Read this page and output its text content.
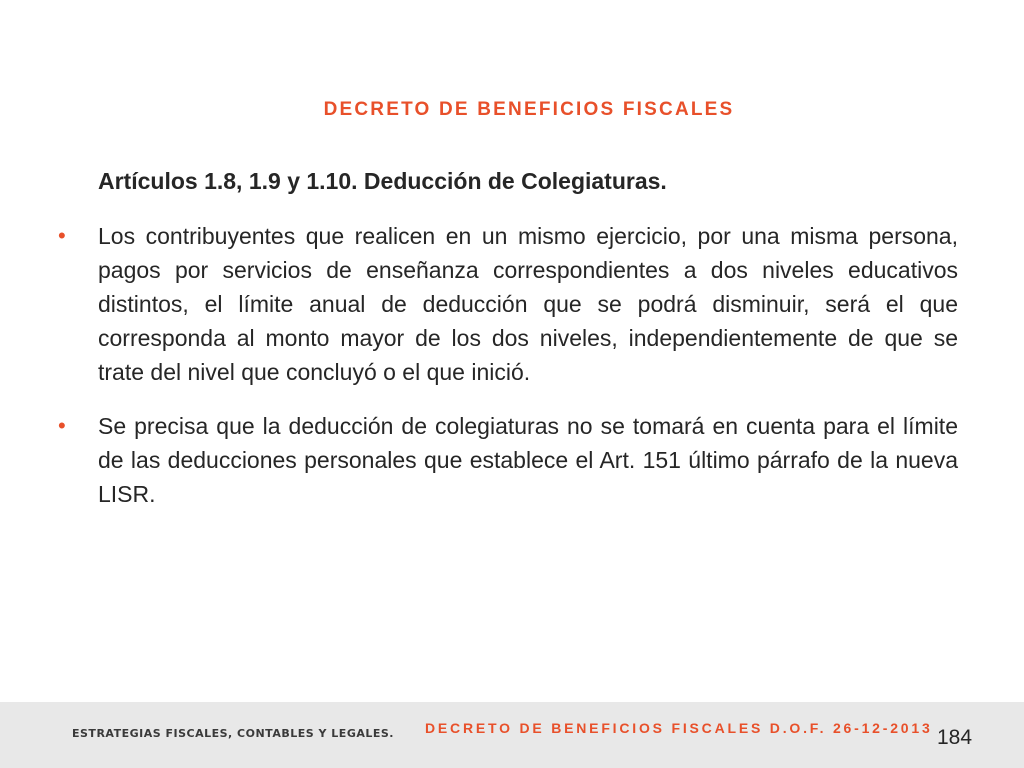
DECRETO DE BENEFICIOS FISCALES
Artículos 1.8, 1.9 y 1.10. Deducción de Colegiaturas.
• Los contribuyentes que realicen en un mismo ejercicio, por una misma persona, pagos por servicios de enseñanza correspondientes a dos niveles educativos distintos, el límite anual de deducción que se podrá disminuir, será el que corresponda al monto mayor de los dos niveles, independientemente de que se trate del nivel que concluyó o el que inició.
• Se precisa que la deducción de colegiaturas no se tomará en cuenta para el límite de las deducciones personales que establece el Art. 151 último párrafo de la nueva LISR.
ESTRATEGIAS FISCALES, CONTABLES Y LEGALES. DECRETO DE BENEFICIOS FISCALES D.O.F. 26-12-2013 184
